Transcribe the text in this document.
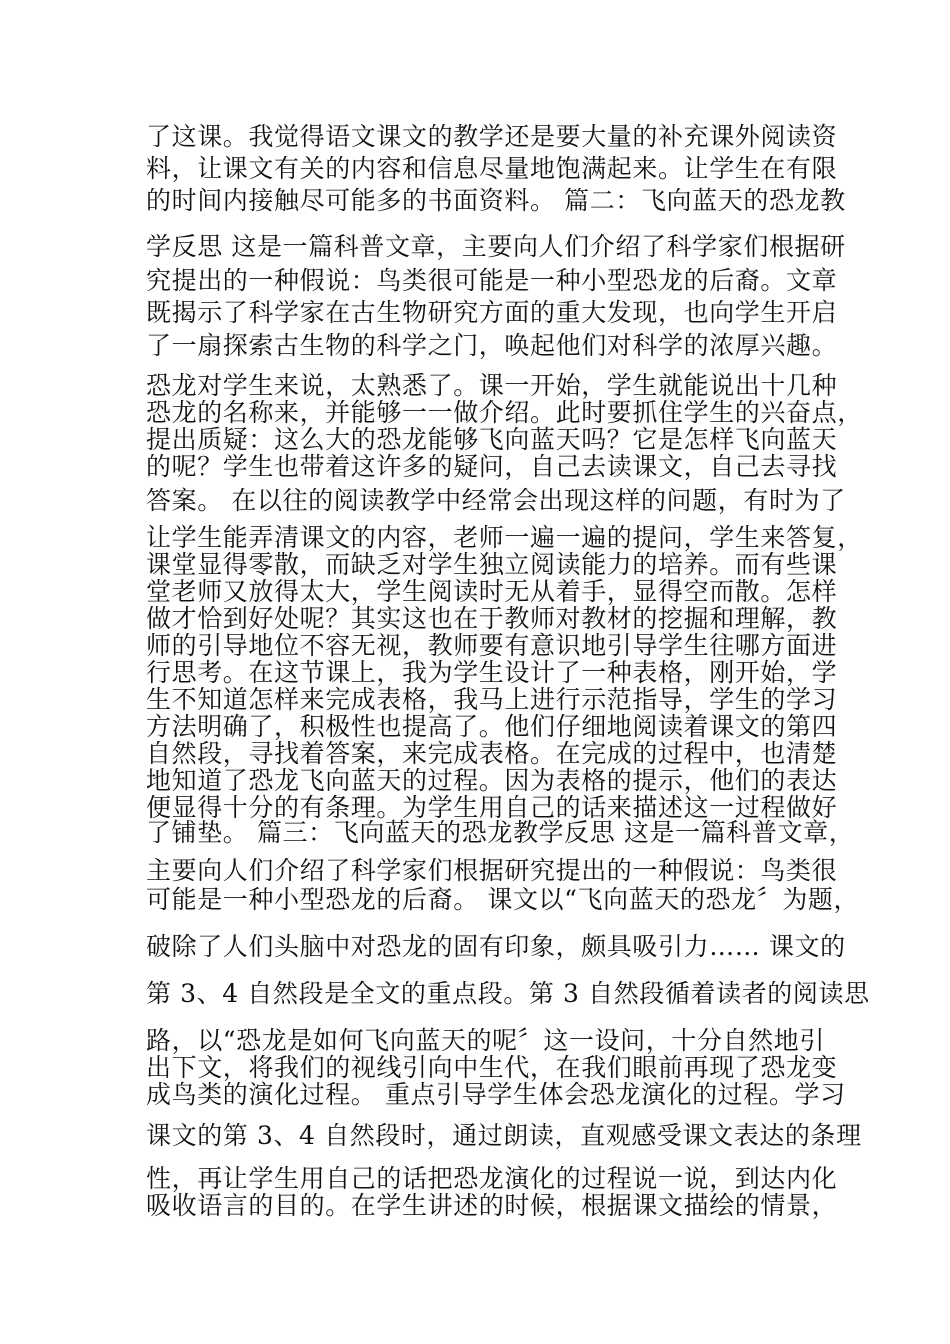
了这课。我觉得语文课文的教学还是要大量的补充课外阅读资
料，让课文有关的内容和信息尽量地饱满起来。让学生在有限
的时间内接触尽可能多的书面资料。 篇二：飞向蓝天的恐龙教
学反思 这是一篇科普文章，主要向人们介绍了科学家们根据研
究提出的一种假说：鸟类很可能是一种小型恐龙的后裔。文章
既揭示了科学家在古生物研究方面的重大发现，也向学生开启
了一扇探索古生物的科学之门，唤起他们对科学的浓厚兴趣。
恐龙对学生来说，太熟悉了。课一开始，学生就能说出十几种
恐龙的名称来，并能够一一做介绍。此时要抓住学生的兴奋点，
提出质疑：这么大的恐龙能够飞向蓝天吗？它是怎样飞向蓝天
的呢？学生也带着这许多的疑问，自己去读课文，自己去寻找
答案。 在以往的阅读教学中经常会出现这样的问题，有时为了
让学生能弄清课文的内容，老师一遍一遍的提问，学生来答复，
课堂显得零散，而缺乏对学生独立阅读能力的培养。而有些课
堂老师又放得太大，学生阅读时无从着手，显得空而散。怎样
做才恰到好处呢？其实这也在于教师对教材的挖掘和理解，教
师的引导地位不容无视，教师要有意识地引导学生往哪方面进
行思考。在这节课上，我为学生设计了一种表格，刚开始，学
生不知道怎样来完成表格，我马上进行示范指导，学生的学习
方法明确了，积极性也提高了。他们仔细地阅读着课文的第四
自然段，寻找着答案，来完成表格。在完成的过程中，也清楚
地知道了恐龙飞向蓝天的过程。因为表格的提示，他们的表达
便显得十分的有条理。为学生用自己的话来描述这一过程做好
了铺垫。 篇三：飞向蓝天的恐龙教学反思 这是一篇科普文章，
主要向人们介绍了科学家们根据研究提出的一种假说：鸟类很
可能是一种小型恐龙的后裔。 课文以“飞向蓝天的恐龙〞为题，
破除了人们头脑中对恐龙的固有印象，颇具吸引力…… 课文的
第 3、4 自然段是全文的重点段。第 3 自然段循着读者的阅读思
路，以“恐龙是如何飞向蓝天的呢〞这一设问，十分自然地引
出下文，将我们的视线引向中生代，在我们眼前再现了恐龙变
成鸟类的演化过程。 重点引导学生体会恐龙演化的过程。学习
课文的第 3、4 自然段时，通过朗读，直观感受课文表达的条理
性，再让学生用自己的话把恐龙演化的过程说一说，到达内化
吸收语言的目的。在学生讲述的时候，根据课文描绘的情景，
